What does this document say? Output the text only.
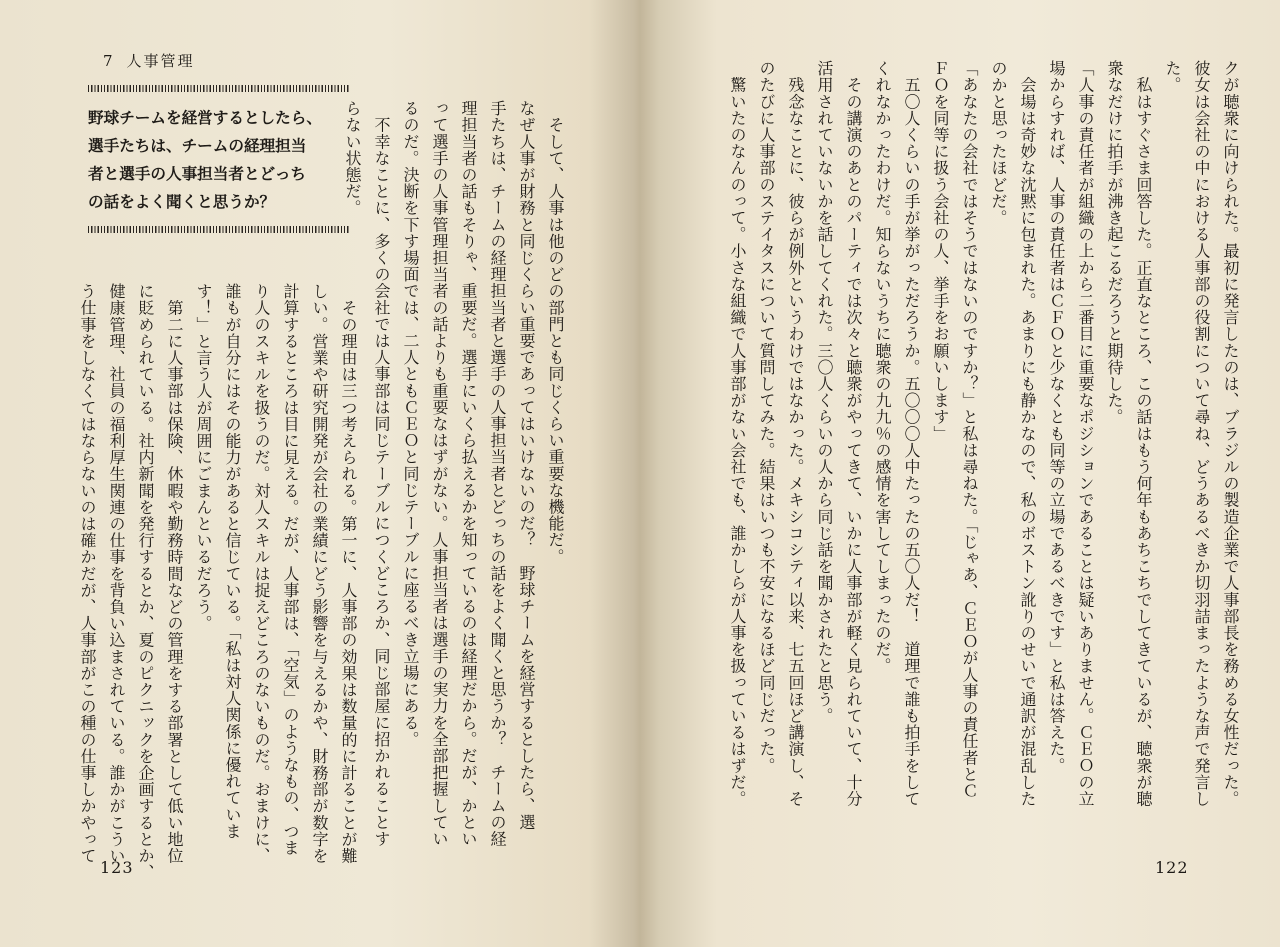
7 人事管理
野球チームを経営するとしたら、
選手たちは、チームの経理担当
者と選手の人事担当者とどっち
の話をよく聞くと思うか？	　そして、人事は他のどの部門とも同じくらい重要な機能だ。
なぜ人事が財務と同じくらい重要であってはいけないのだ？　野球チームを経営するとしたら、選
手たちは、チームの経理担当者と選手の人事担当者とどっちの話をよく聞くと思うか？　チームの経
理担当者の話もそりゃ、重要だ。選手にいくら払えるかを知っているのは経理だから。だが、かとい
って選手の人事管理担当者の話よりも重要なはずがない。人事担当者は選手の実力を全部把握してい
るのだ。決断を下す場面では、二人ともＣＥＯと同じテーブルに座るべき立場にある。
　不幸なことに、多くの会社では人事部は同じテーブルにつくどころか、同じ部屋に招かれることす
らない状態だ。
　その理由は三つ考えられる。第一に、人事部の効果は数量的に計ることが難
しい。営業や研究開発が会社の業績にどう影響を与えるかや、財務部が数字を
計算するところは目に見える。だが、人事部は、「空気」のようなもの、つま
り人のスキルを扱うのだ。対人スキルは捉えどころのないものだ。おまけに、
誰もが自分にはその能力があると信じている。「私は対人関係に優れていま
す！」と言う人が周囲にごまんといるだろう。
　第二に人事部は保険、休暇や勤務時間などの管理をする部署として低い地位
に貶められている。社内新聞を発行するとか、夏のピクニックを企画するとか、
健康管理、社員の福利厚生関連の仕事を背負い込まされている。誰かがこうい
う仕事をしなくてはならないのは確かだが、人事部がこの種の仕事しかやって
123
クが聴衆に向けられた。最初に発言したのは、ブラジルの製造企業で人事部長を務める女性だった。
彼女は会社の中における人事部の役割について尋ね、どうあるべきか切羽詰まったような声で発言し
た。
　私はすぐさま回答した。正直なところ、この話はもう何年もあちこちでしてきているが、聴衆が聴
衆なだけに拍手が沸き起こるだろうと期待した。
「人事の責任者が組織の上から二番目に重要なポジションであることは疑いありません。ＣＥＯの立
場からすれば、人事の責任者はＣＦＯと少なくとも同等の立場であるべきです」と私は答えた。
　会場は奇妙な沈黙に包まれた。あまりにも静かなので、私のボストン訛りのせいで通訳が混乱した
のかと思ったほどだ。
「あなたの会社ではそうではないのですか？」と私は尋ねた。「じゃあ、ＣＥＯが人事の責任者とＣ
ＦＯを同等に扱う会社の人、挙手をお願いします」
　五〇人くらいの手が挙がっただろうか。五〇〇〇人中たったの五〇人だ！　道理で誰も拍手をして
くれなかったわけだ。知らないうちに聴衆の九九％の感情を害してしまったのだ。
　その講演のあとのパーティでは次々と聴衆がやってきて、いかに人事部が軽く見られていて、十分
活用されていないかを話してくれた。三〇人くらいの人から同じ話を聞かされたと思う。
　残念なことに、彼らが例外というわけではなかった。メキシコシティ以来、七五回ほど講演し、そ
のたびに人事部のステイタスについて質問してみた。結果はいつも不安になるほど同じだった。
　驚いたのなんのって。小さな組織で人事部がない会社でも、誰かしらが人事を扱っているはずだ。
122
